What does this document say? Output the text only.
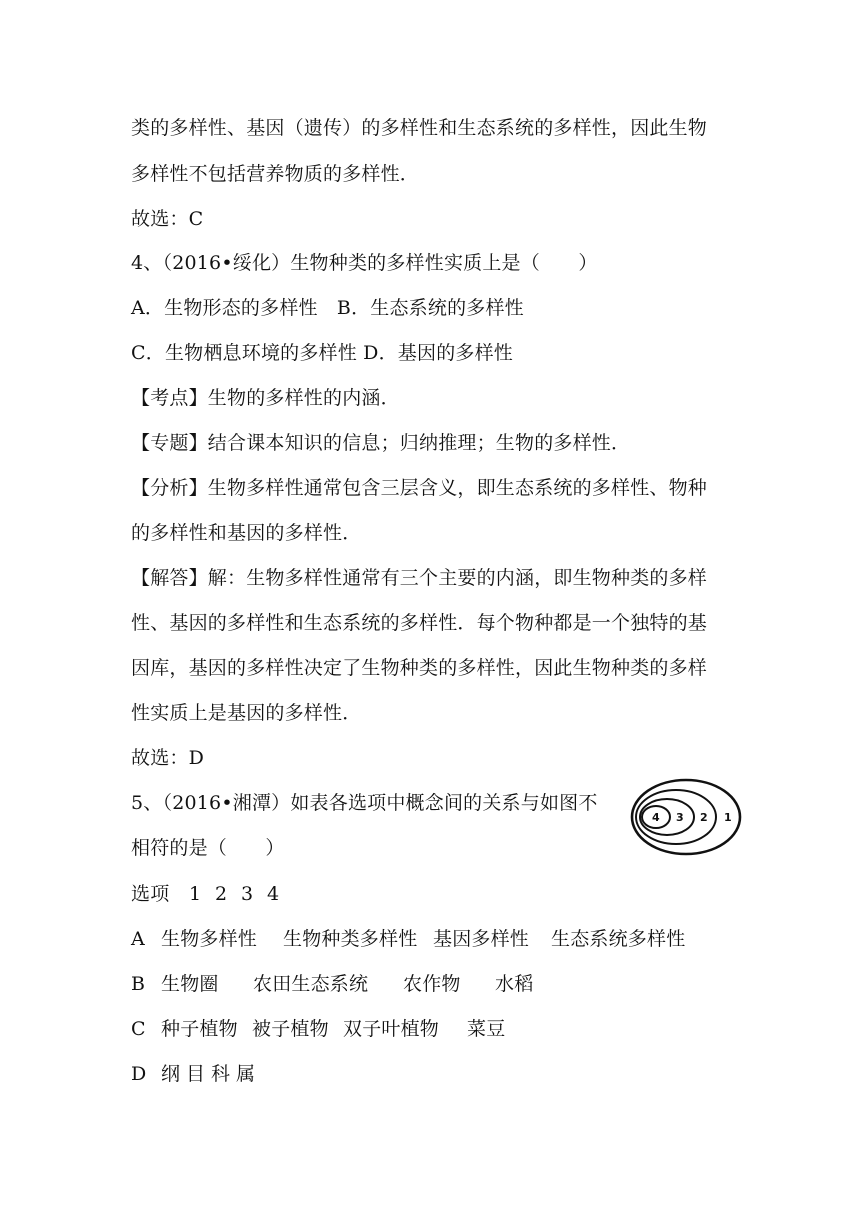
类的多样性、基因（遗传）的多样性和生态系统的多样性，因此生物
多样性不包括营养物质的多样性．
故选：C
4、（2016•绥化）生物种类的多样性实质上是（　　）
A．生物形态的多样性　B．生态系统的多样性
C．生物栖息环境的多样性 D．基因的多样性
【考点】生物的多样性的内涵．
【专题】结合课本知识的信息；归纳推理；生物的多样性．
【分析】生物多样性通常包含三层含义，即生态系统的多样性、物种
的多样性和基因的多样性．
【解答】解：生物多样性通常有三个主要的内涵，即生物种类的多样
性、基因的多样性和生态系统的多样性．每个物种都是一个独特的基
因库，基因的多样性决定了生物种类的多样性，因此生物种类的多样
性实质上是基因的多样性．
故选：D
5、（2016•湘潭）如表各选项中概念间的关系与如图不
相符的是（　　）
4 3 2 1
选项 1 2 3 4
A 生物多样性 生物种类多样性 基因多样性 生态系统多样性
B 生物圈 农田生态系统 农作物 水稻
C 种子植物 被子植物 双子叶植物 菜豆
D 纲 目 科 属
